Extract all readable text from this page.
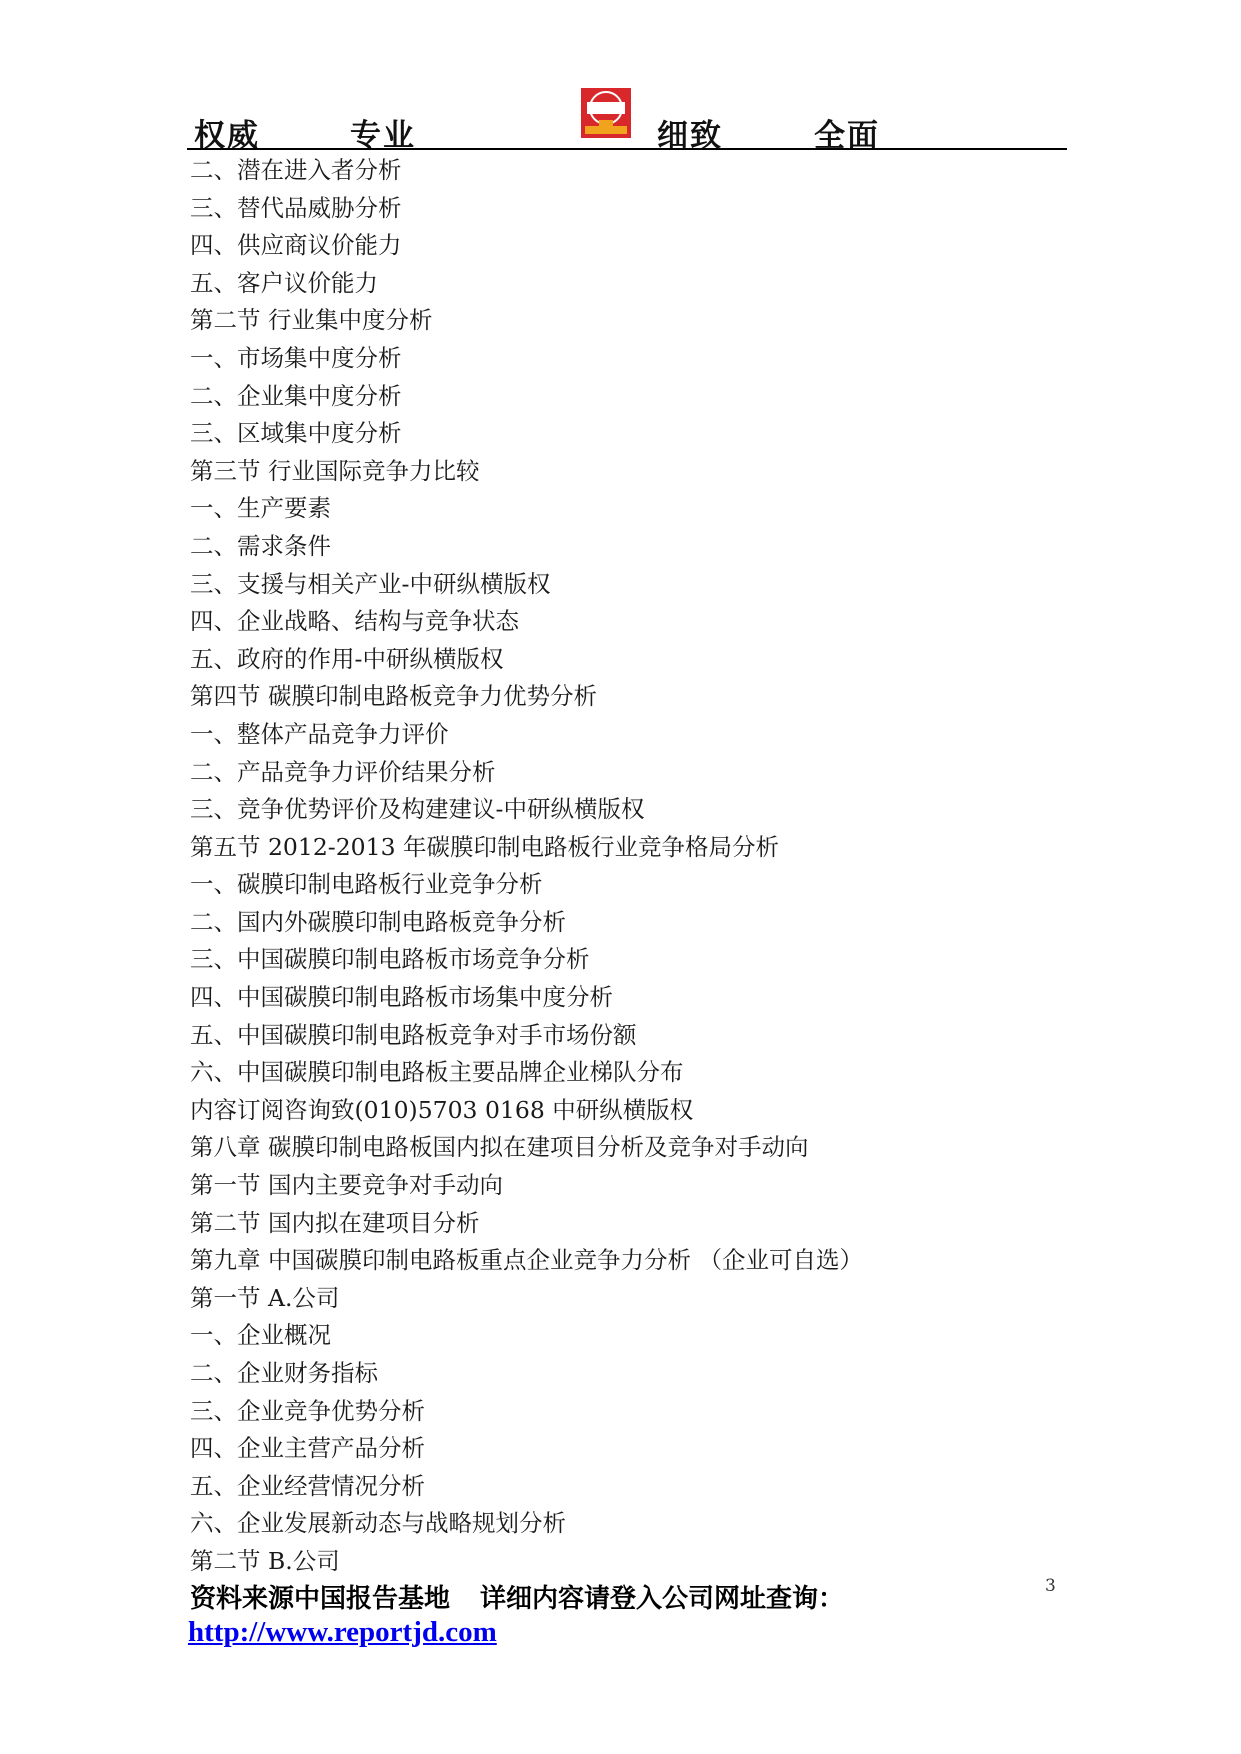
权威	专业	细致	全面
二、潜在进入者分析
三、替代品威胁分析
四、供应商议价能力
五、客户议价能力
第二节 行业集中度分析
一、市场集中度分析
二、企业集中度分析
三、区域集中度分析
第三节 行业国际竞争力比较
一、生产要素
二、需求条件
三、支援与相关产业-中研纵横版权
四、企业战略、结构与竞争状态
五、政府的作用-中研纵横版权
第四节 碳膜印制电路板竞争力优势分析
一、整体产品竞争力评价
二、产品竞争力评价结果分析
三、竞争优势评价及构建建议-中研纵横版权
第五节 2012-2013 年碳膜印制电路板行业竞争格局分析
一、碳膜印制电路板行业竞争分析
二、国内外碳膜印制电路板竞争分析
三、中国碳膜印制电路板市场竞争分析
四、中国碳膜印制电路板市场集中度分析
五、中国碳膜印制电路板竞争对手市场份额
六、中国碳膜印制电路板主要品牌企业梯队分布
内容订阅咨询致(010)5703 0168 中研纵横版权
第八章 碳膜印制电路板国内拟在建项目分析及竞争对手动向
第一节 国内主要竞争对手动向
第二节 国内拟在建项目分析
第九章 中国碳膜印制电路板重点企业竞争力分析 （企业可自选）
第一节 A.公司
一、企业概况
二、企业财务指标
三、企业竞争优势分析
四、企业主营产品分析
五、企业经营情况分析
六、企业发展新动态与战略规划分析
第二节 B.公司
资料来源中国报告基地 详细内容请登入公司网址查询：	3
http://www.reportjd.com
